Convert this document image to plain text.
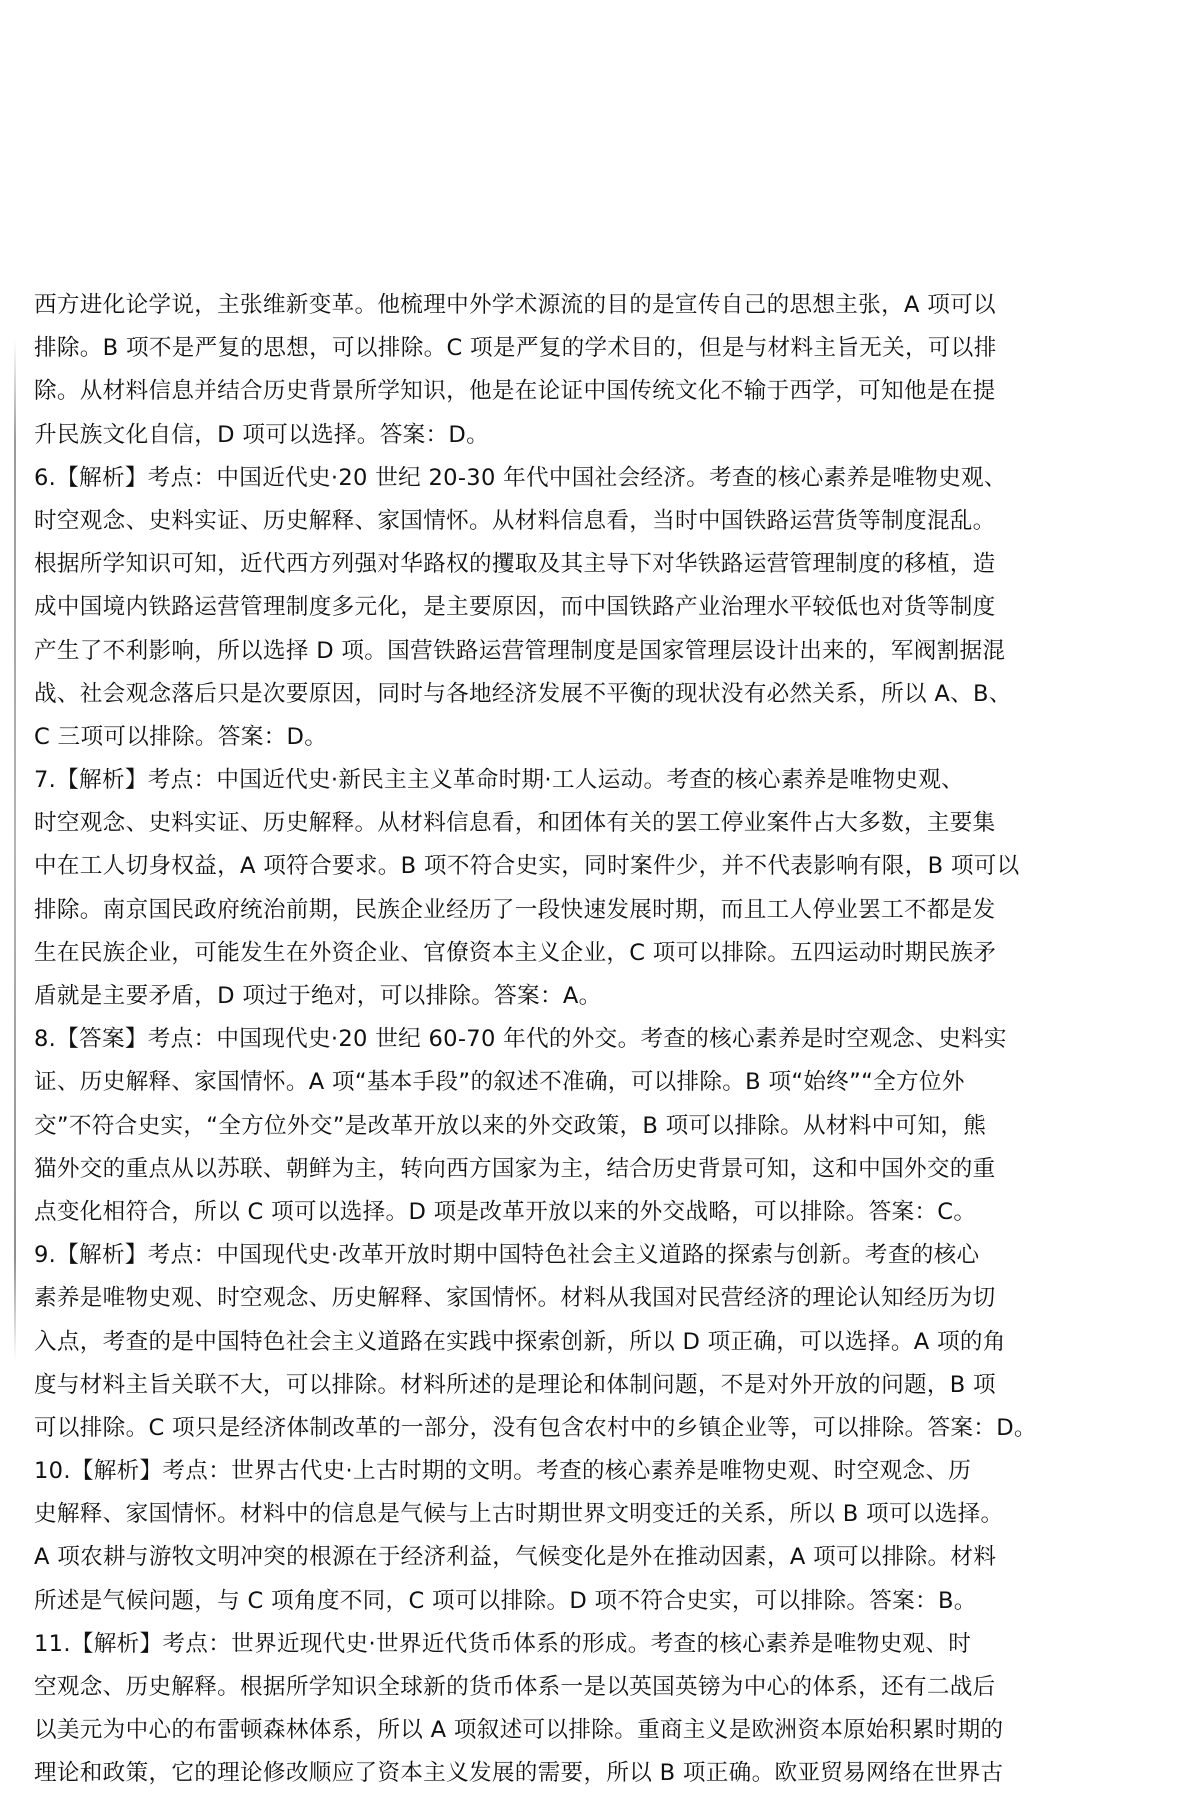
西方进化论学说，主张维新变革。他梳理中外学术源流的目的是宣传自己的思想主张，A 项可以
排除。B 项不是严复的思想，可以排除。C 项是严复的学术目的，但是与材料主旨无关，可以排
除。从材料信息并结合历史背景所学知识，他是在论证中国传统文化不输于西学，可知他是在提
升民族文化自信，D 项可以选择。答案：D。
6.【解析】考点：中国近代史·20 世纪 20-30 年代中国社会经济。考查的核心素养是唯物史观、
时空观念、史料实证、历史解释、家国情怀。从材料信息看，当时中国铁路运营货等制度混乱。
根据所学知识可知，近代西方列强对华路权的攫取及其主导下对华铁路运营管理制度的移植，造
成中国境内铁路运营管理制度多元化，是主要原因，而中国铁路产业治理水平较低也对货等制度
产生了不利影响，所以选择 D 项。国营铁路运营管理制度是国家管理层设计出来的，军阀割据混
战、社会观念落后只是次要原因，同时与各地经济发展不平衡的现状没有必然关系，所以 A、B、
C 三项可以排除。答案：D。
7.【解析】考点：中国近代史·新民主主义革命时期·工人运动。考查的核心素养是唯物史观、
时空观念、史料实证、历史解释。从材料信息看，和团体有关的罢工停业案件占大多数，主要集
中在工人切身权益，A 项符合要求。B 项不符合史实，同时案件少，并不代表影响有限，B 项可以
排除。南京国民政府统治前期，民族企业经历了一段快速发展时期，而且工人停业罢工不都是发
生在民族企业，可能发生在外资企业、官僚资本主义企业，C 项可以排除。五四运动时期民族矛
盾就是主要矛盾，D 项过于绝对，可以排除。答案：A。
8.【答案】考点：中国现代史·20 世纪 60-70 年代的外交。考查的核心素养是时空观念、史料实
证、历史解释、家国情怀。A 项“基本手段”的叙述不准确，可以排除。B 项“始终”“全方位外
交”不符合史实，“全方位外交”是改革开放以来的外交政策，B 项可以排除。从材料中可知，熊
猫外交的重点从以苏联、朝鲜为主，转向西方国家为主，结合历史背景可知，这和中国外交的重
点变化相符合，所以 C 项可以选择。D 项是改革开放以来的外交战略，可以排除。答案：C。
9.【解析】考点：中国现代史·改革开放时期中国特色社会主义道路的探索与创新。考查的核心
素养是唯物史观、时空观念、历史解释、家国情怀。材料从我国对民营经济的理论认知经历为切
入点，考查的是中国特色社会主义道路在实践中探索创新，所以 D 项正确，可以选择。A 项的角
度与材料主旨关联不大，可以排除。材料所述的是理论和体制问题，不是对外开放的问题，B 项
可以排除。C 项只是经济体制改革的一部分，没有包含农村中的乡镇企业等，可以排除。答案：D。
10.【解析】考点：世界古代史·上古时期的文明。考查的核心素养是唯物史观、时空观念、历
史解释、家国情怀。材料中的信息是气候与上古时期世界文明变迁的关系，所以 B 项可以选择。
A 项农耕与游牧文明冲突的根源在于经济利益，气候变化是外在推动因素，A 项可以排除。材料
所述是气候问题，与 C 项角度不同，C 项可以排除。D 项不符合史实，可以排除。答案：B。
11.【解析】考点：世界近现代史·世界近代货币体系的形成。考查的核心素养是唯物史观、时
空观念、历史解释。根据所学知识全球新的货币体系一是以英国英镑为中心的体系，还有二战后
以美元为中心的布雷顿森林体系，所以 A 项叙述可以排除。重商主义是欧洲资本原始积累时期的
理论和政策，它的理论修改顺应了资本主义发展的需要，所以 B 项正确。欧亚贸易网络在世界古
